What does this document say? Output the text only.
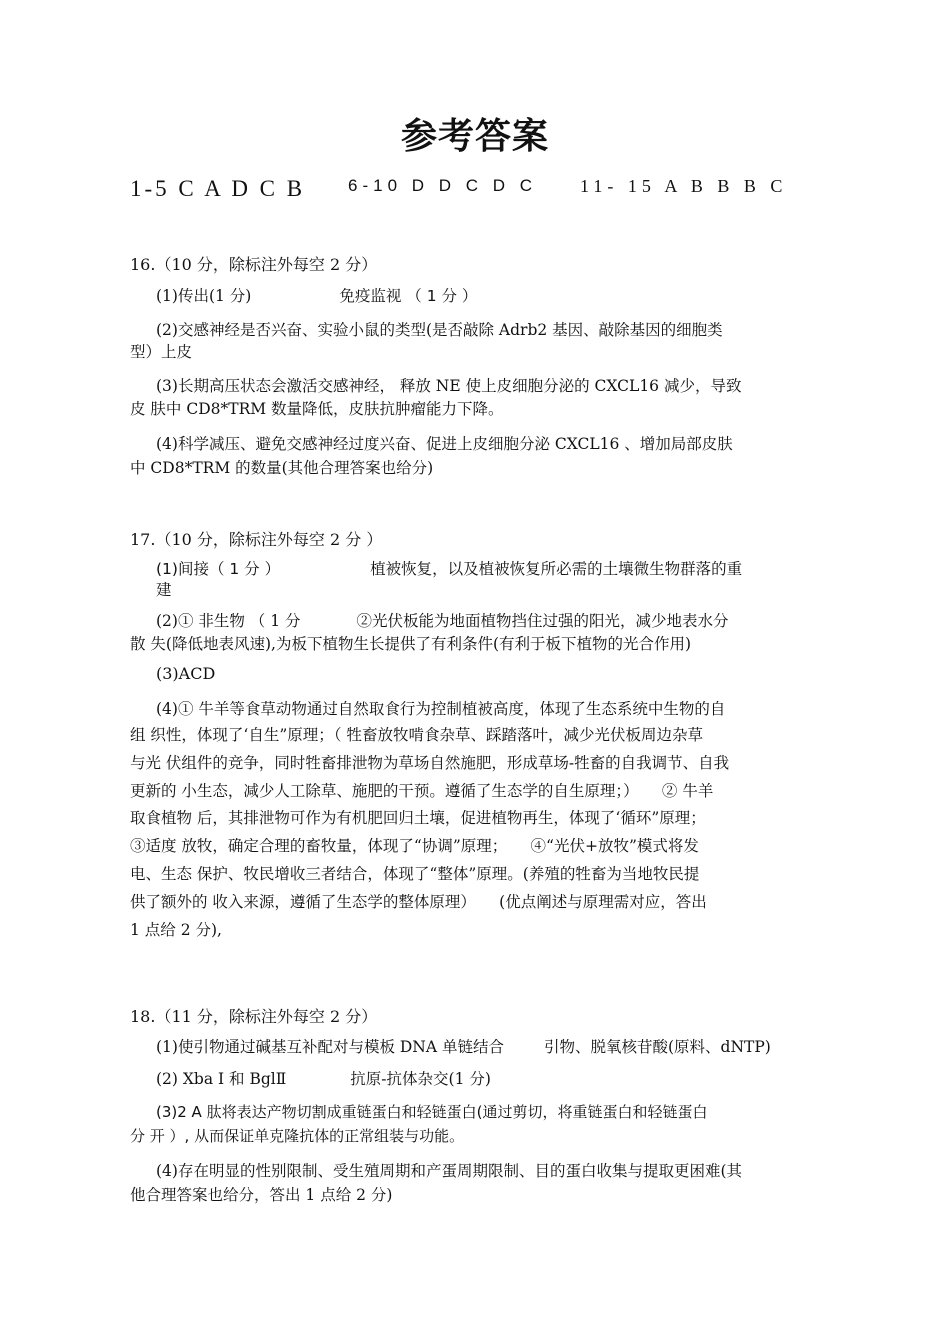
参考答案
1-5 C A D C B	6-10 D D C D C 11- 15 A B B B C
16.（10 分，除标注外每空 2 分）
(1)传出(1 分)	免疫监视 （ 1 分 ）
(2)交感神经是否兴奋、实验小鼠的类型(是否敲除 Adrb2 基因、敲除基因的细胞类
型）上皮
(3)长期高压状态会激活交感神经， 释放 NE 使上皮细胞分泌的 CXCL16 减少，导致
皮 肤中 CD8*TRM 数量降低，皮肤抗肿瘤能力下降。
(4)科学减压、避免交感神经过度兴奋、促进上皮细胞分泌 CXCL16 、增加局部皮肤
中 CD8*TRM 的数量(其他合理答案也给分)
17.（10 分，除标注外每空 2 分 ）
(1)间接（ 1 分 ）	植被恢复，以及植被恢复所必需的土壤微生物群落的重
建
(2)① 非生物 （ 1 分	②光伏板能为地面植物挡住过强的阳光，减少地表水分
散 失(降低地表风速),为板下植物生长提供了有利条件(有利于板下植物的光合作用)
(3)ACD
(4)① 牛羊等食草动物通过自然取食行为控制植被高度，体现了生态系统中生物的自
组 织性，体现了‘自生”原理；（ 牲畜放牧啃食杂草、踩踏落叶，减少光伏板周边杂草
与光 伏组件的竞争，同时牲畜排泄物为草场自然施肥，形成草场-牲畜的自我调节、自我
更新的 小生态，减少人工除草、施肥的干预。遵循了生态学的自生原理；）　　② 牛羊
取食植物 后，其排泄物可作为有机肥回归土壤，促进植物再生，体现了‘循环”原理；
③适度 放牧，确定合理的畜牧量，体现了“协调”原理；　　④“光伏+放牧”模式将发
电、生态 保护、牧民增收三者结合，体现了“整体”原理。(养殖的牲畜为当地牧民提
供了额外的 收入来源，遵循了生态学的整体原理）　　(优点阐述与原理需对应，答出
1 点给 2 分),
18.（11 分，除标注外每空 2 分）
(1)使引物通过碱基互补配对与模板 DNA 单链结合	引物、脱氧核苷酸(原料、dNTP)
(2) Xba I 和 BglⅡ	抗原-抗体杂交(1 分)
(3)2 A 肽将表达产物切割成重链蛋白和轻链蛋白(通过剪切，将重链蛋白和轻链蛋白
分 开 ）, 从而保证单克隆抗体的正常组装与功能。
(4)存在明显的性别限制、受生殖周期和产蛋周期限制、目的蛋白收集与提取更困难(其
他合理答案也给分，答出 1 点给 2 分)
